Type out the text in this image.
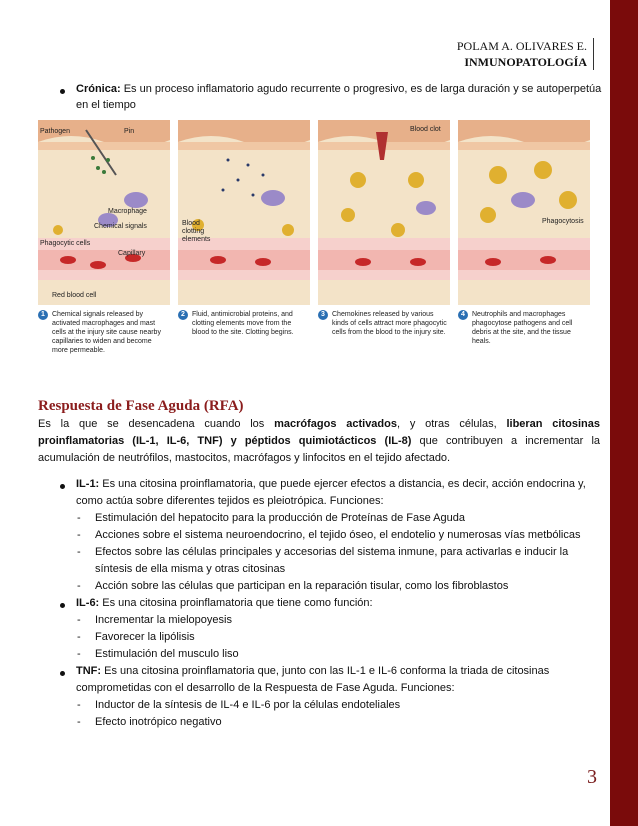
POLAM A. OLIVARES E.
INMUNOPATOLOGÍA
Crónica: Es un proceso inflamatorio agudo recurrente o progresivo, es de larga duración y se autoperpetúa en el tiempo
Pathogen	Pin
Macrophage
Chemical signals
Phagocytic cells
Capillary
Red blood cell
1	Chemical signals released by activated macrophages and mast cells at the injury site cause nearby capillaries to widen and become more permeable.
Blood clotting elements
2	Fluid, antimicrobial proteins, and clotting elements move from the blood to the site. Clotting begins.
Blood clot
3	Chemokines released by various kinds of cells attract more phagocytic cells from the blood to the injury site.
Phagocytosis
4	Neutrophils and macrophages phagocytose pathogens and cell debris at the site, and the tissue heals.
Respuesta de Fase Aguda (RFA)
Es la que se desencadena cuando los macrófagos activados, y otras células, liberan citosinas proinflamatorias (IL-1, IL-6, TNF) y péptidos quimiotácticos (IL-8) que contribuyen a incrementar la acumulación de neutrófilos, mastocitos, macrófagos y linfocitos en el tejido afectado.
IL-1: Es una citosina proinflamatoria, que puede ejercer efectos a distancia, es decir, acción endocrina y, como actúa sobre diferentes tejidos es pleiotrópica. Funciones:
- Estimulación del hepatocito para la producción de Proteínas de Fase Aguda
- Acciones sobre el sistema neuroendocrino, el tejido óseo, el endotelio y numerosas vías metbólicas
- Efectos sobre las células principales y accesorias del sistema inmune, para activarlas e inducir la síntesis de ella misma y otras citosinas
- Acción sobre las células que participan en la reparación tisular, como los fibroblastos
IL-6: Es una citosina proinflamatoria que tiene como función:
- Incrementar la mielopoyesis
- Favorecer la lipólisis
- Estimulación del musculo liso
TNF: Es una citosina proinflamatoria que, junto con las IL-1 e IL-6 conforma la triada de citosinas comprometidas con el desarrollo de la Respuesta de Fase Aguda. Funciones:
- Inductor de la síntesis de IL-4 e IL-6 por la células endoteliales
- Efecto inotrópico negativo
3
